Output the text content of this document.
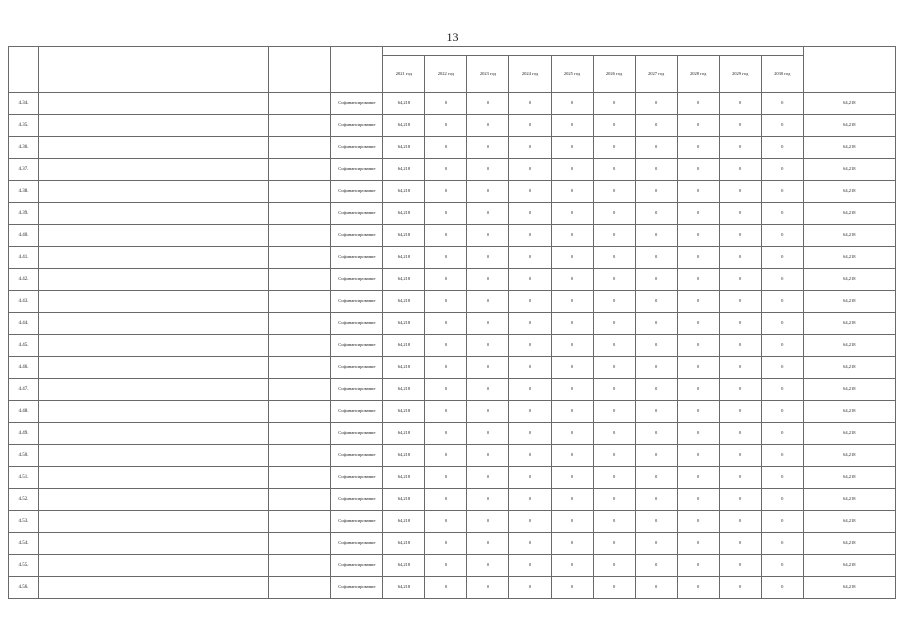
13

				2021 год	2022 год	2023 год	2024 год	2025 год	2026 год	2027 год	2028 год	2029 год	2030 год	
4.34.			Софинансирование	64,218	0	0	0	0	0	0	0	0	0	64,218
4.35.			Софинансирование	64,218	0	0	0	0	0	0	0	0	0	64,218
4.36.			Софинансирование	64,218	0	0	0	0	0	0	0	0	0	64,218
4.37.			Софинансирование	64,218	0	0	0	0	0	0	0	0	0	64,218
4.38.			Софинансирование	64,218	0	0	0	0	0	0	0	0	0	64,218
4.39.			Софинансирование	64,218	0	0	0	0	0	0	0	0	0	64,218
4.40.			Софинансирование	64,218	0	0	0	0	0	0	0	0	0	64,218
4.41.			Софинансирование	64,218	0	0	0	0	0	0	0	0	0	64,218
4.42.			Софинансирование	64,218	0	0	0	0	0	0	0	0	0	64,218
4.43.			Софинансирование	64,218	0	0	0	0	0	0	0	0	0	64,218
4.44.			Софинансирование	64,218	0	0	0	0	0	0	0	0	0	64,218
4.45.			Софинансирование	64,218	0	0	0	0	0	0	0	0	0	64,218
4.46.			Софинансирование	64,218	0	0	0	0	0	0	0	0	0	64,218
4.47.			Софинансирование	64,218	0	0	0	0	0	0	0	0	0	64,218
4.48.			Софинансирование	64,218	0	0	0	0	0	0	0	0	0	64,218
4.49.			Софинансирование	64,218	0	0	0	0	0	0	0	0	0	64,218
4.50.			Софинансирование	64,218	0	0	0	0	0	0	0	0	0	64,218
4.51.			Софинансирование	64,218	0	0	0	0	0	0	0	0	0	64,218
4.52.			Софинансирование	64,218	0	0	0	0	0	0	0	0	0	64,218
4.53.			Софинансирование	64,218	0	0	0	0	0	0	0	0	0	64,218
4.54.			Софинансирование	64,218	0	0	0	0	0	0	0	0	0	64,218
4.55.			Софинансирование	64,218	0	0	0	0	0	0	0	0	0	64,218
4.56.			Софинансирование	64,218	0	0	0	0	0	0	0	0	0	64,218
